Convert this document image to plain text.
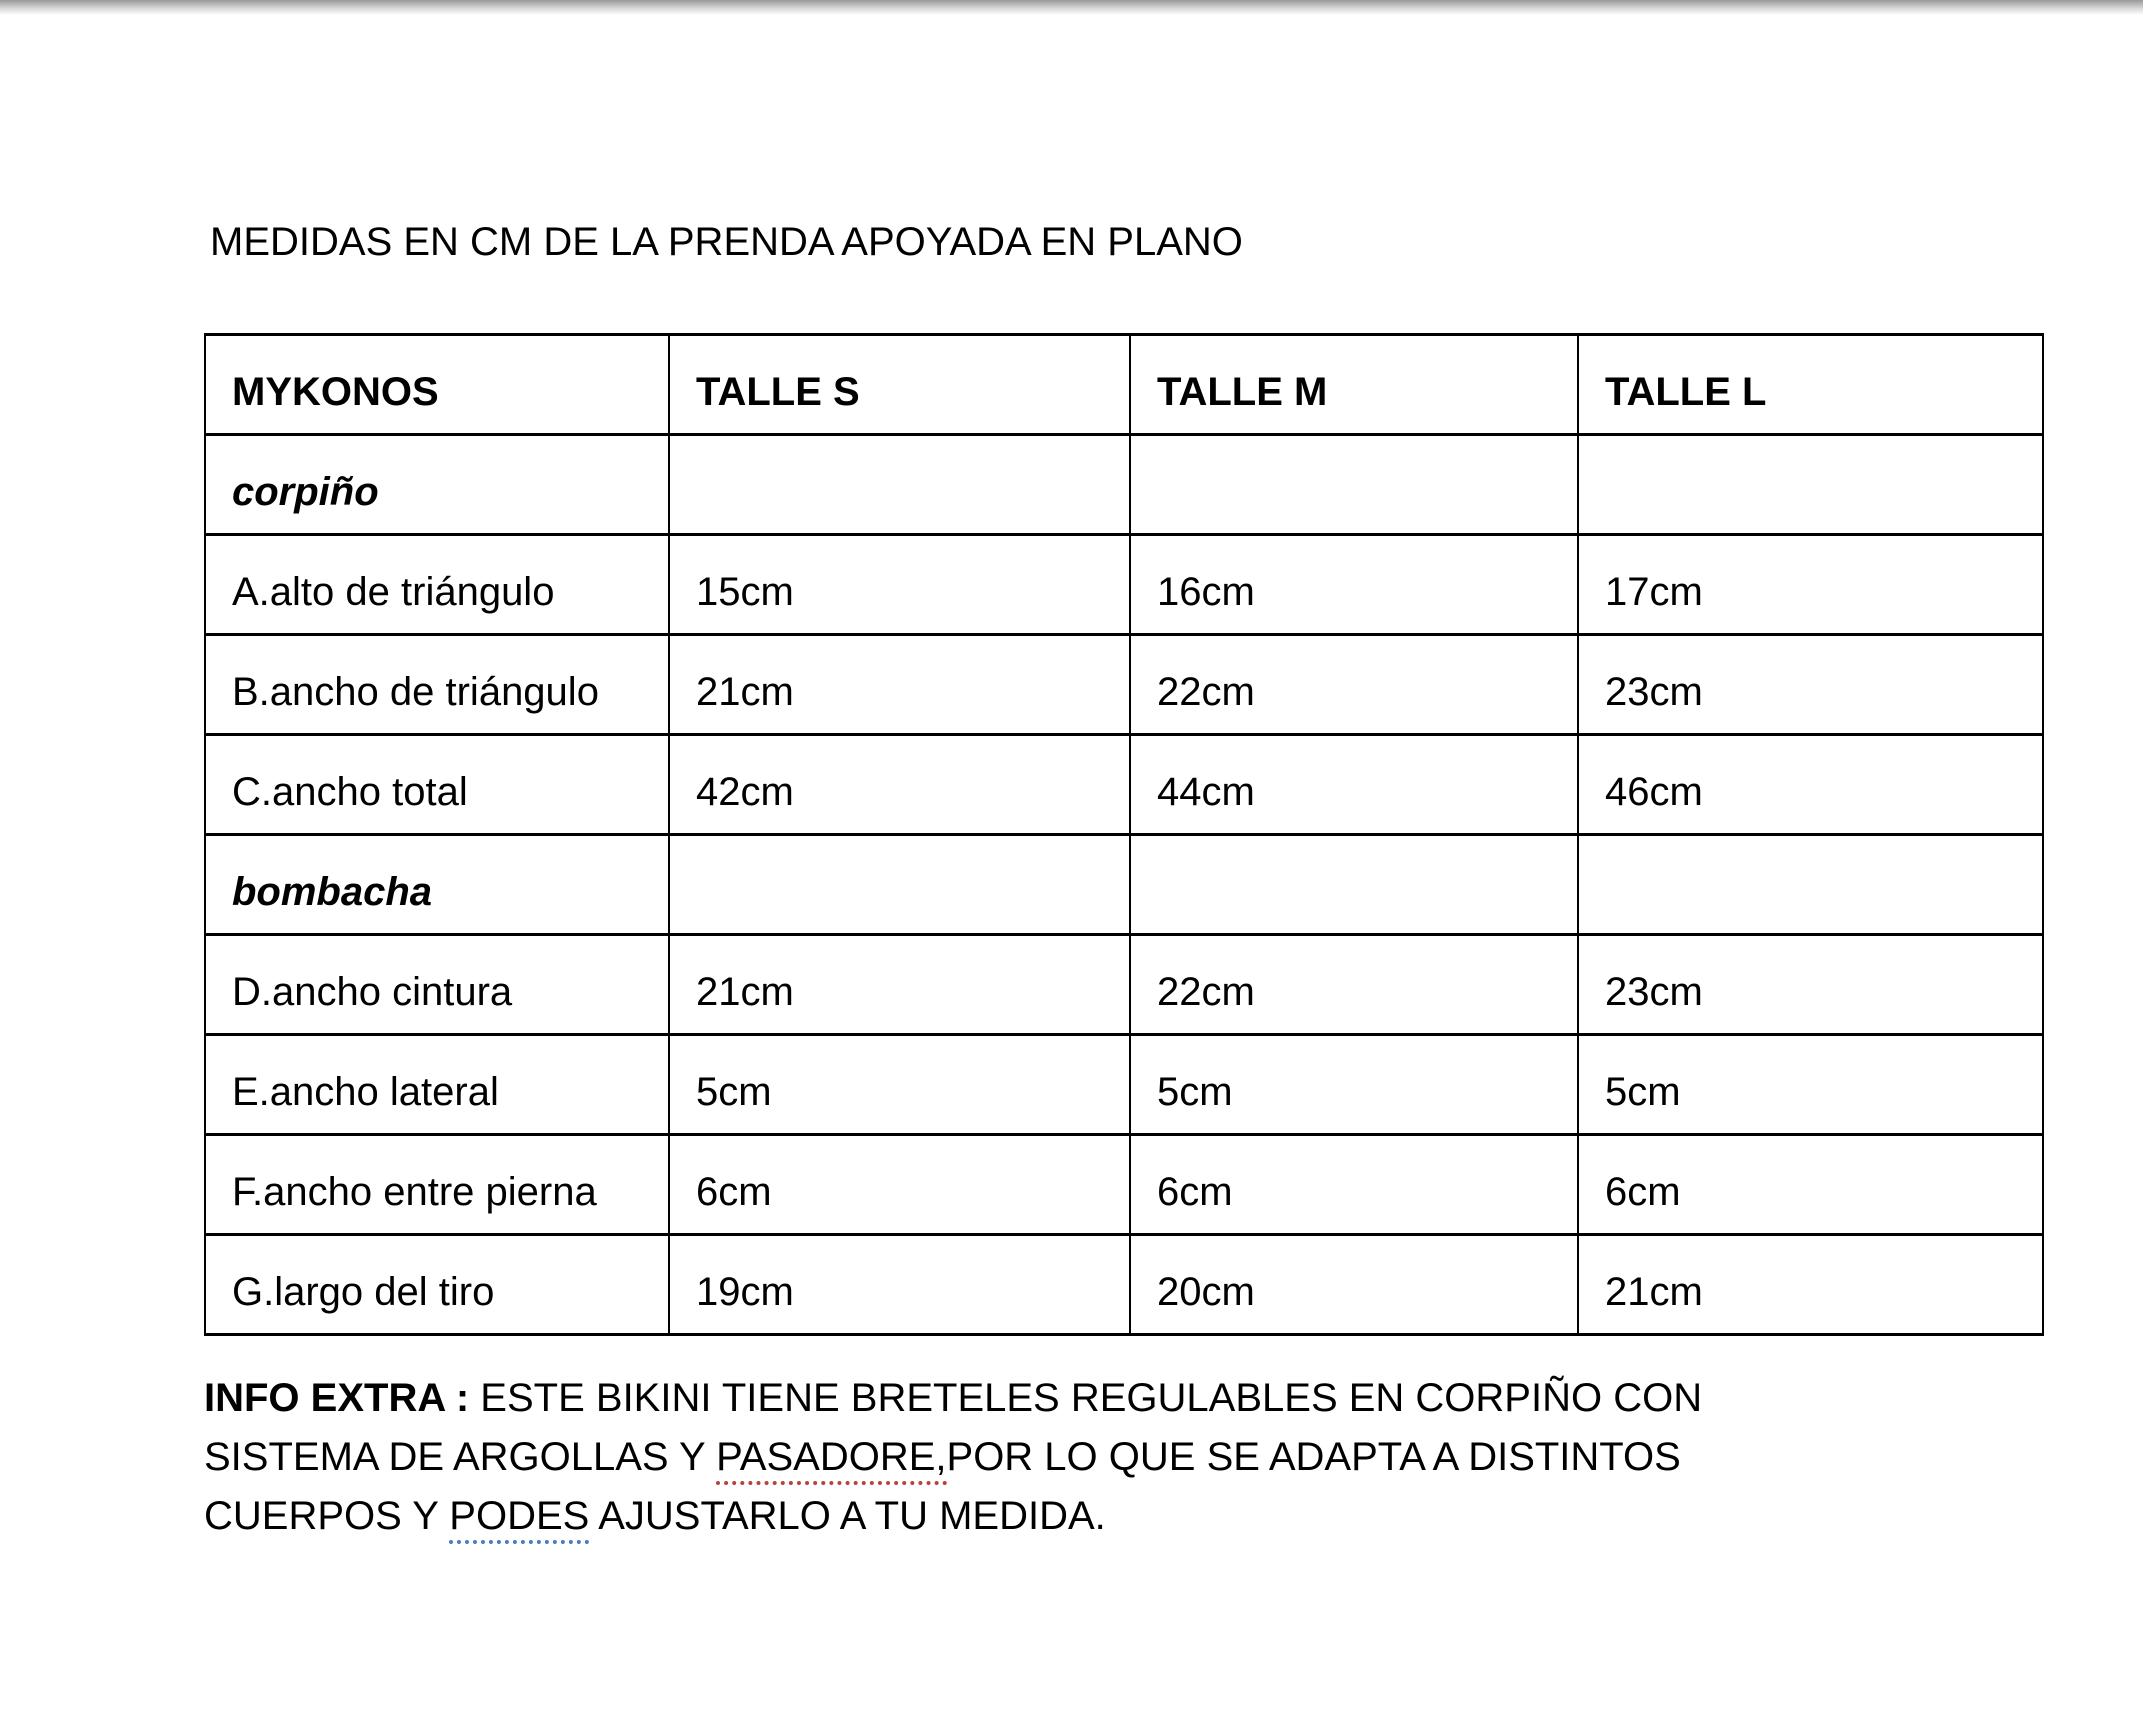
MEDIDAS EN CM DE LA PRENDA APOYADA EN PLANO
MYKONOS	TALLE S	TALLE M	TALLE L
corpiño			
A.alto de triángulo	15cm	16cm	17cm
B.ancho de triángulo	21cm	22cm	23cm
C.ancho total	42cm	44cm	46cm
bombacha			
D.ancho cintura	21cm	22cm	23cm
E.ancho lateral	5cm	5cm	5cm
F.ancho entre pierna	6cm	6cm	6cm
G.largo del tiro	19cm	20cm	21cm
INFO EXTRA : ESTE BIKINI TIENE BRETELES REGULABLES EN CORPIÑO CON
SISTEMA DE ARGOLLAS Y PASADORE,POR LO QUE SE ADAPTA A DISTINTOS
CUERPOS Y PODES AJUSTARLO A TU MEDIDA.
